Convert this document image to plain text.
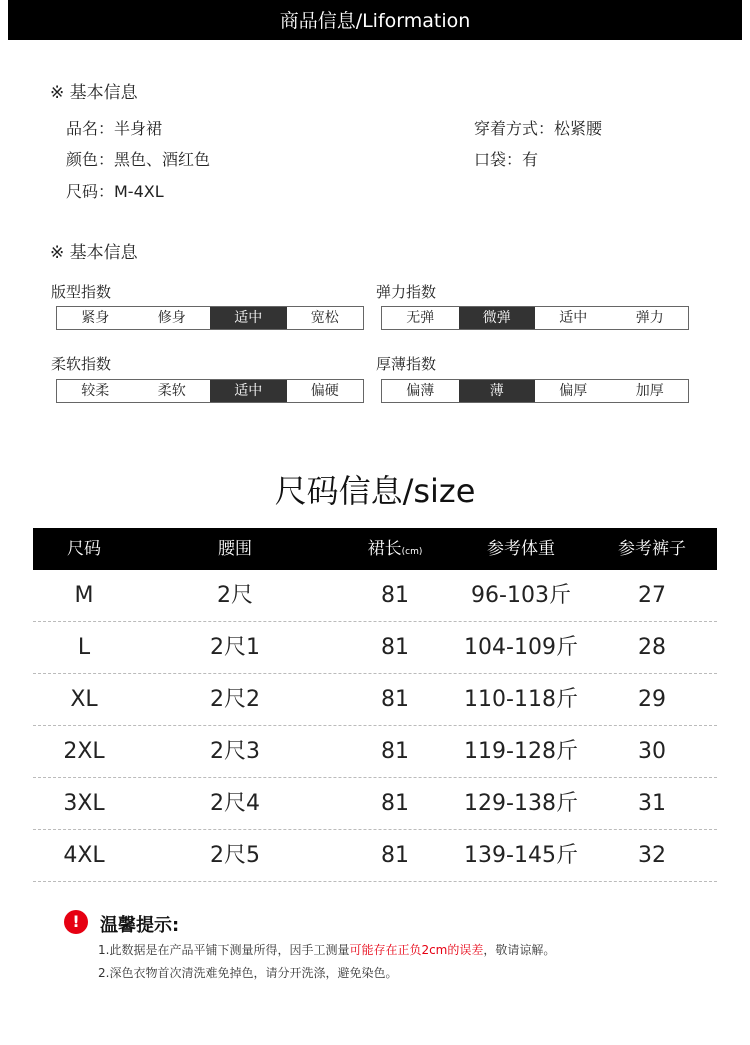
商品信息/Liformation
※ 基本信息
品名：半身裙
颜色：黑色、酒红色
尺码：M-4XL
穿着方式：松紧腰
口袋：有
※ 基本信息
版型指数
紧身	修身	适中	宽松
弹力指数
无弹	微弹	适中	弹力
柔软指数
较柔	柔软	适中	偏硬
厚薄指数
偏薄	薄	偏厚	加厚
尺码信息/size
尺码	腰围	裙长(cm)	参考体重	参考裤子
M	2尺	81	96-103斤	27
L	2尺1	81	104-109斤	28
XL	2尺2	81	110-118斤	29
2XL	2尺3	81	119-128斤	30
3XL	2尺4	81	129-138斤	31
4XL	2尺5	81	139-145斤	32
!	温馨提示:
1.此数据是在产品平铺下测量所得，因手工测量可能存在正负2cm的误差，敬请谅解。
2.深色衣物首次清洗难免掉色，请分开洗涤，避免染色。
